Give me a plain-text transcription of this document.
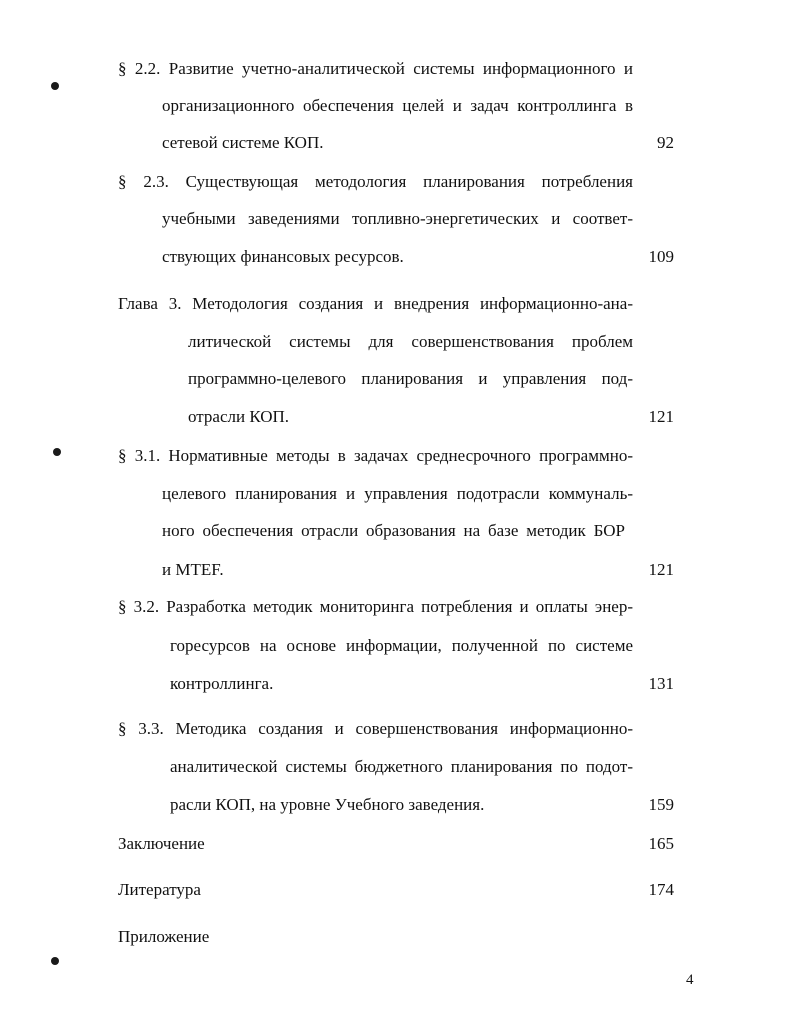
§ 2.2. Развитие учетно-аналитической системы информационного и
организационного обеспечения целей и задач контроллинга в
сетевой системе КОП.	92
§ 2.3. Существующая методология планирования потребления
учебными заведениями топливно-энергетических и соответ-
ствующих финансовых ресурсов.	109
Глава 3. Методология создания и внедрения информационно-ана-
литической системы для совершенствования проблем
программно-целевого планирования и управления под-
отрасли КОП.	121
§ 3.1. Нормативные методы в задачах среднесрочного программно-
целевого планирования и управления подотрасли коммуналь-
ного обеспечения отрасли образования на базе методик БОР
и MTEF.	121
§ 3.2. Разработка методик мониторинга потребления и оплаты энер-
горесурсов на основе информации, полученной по системе
контроллинга.	131
§ 3.3. Методика создания и совершенствования информационно-
аналитической системы бюджетного планирования по подот-
расли КОП, на уровне Учебного заведения.	159
Заключение	165
Литература	174
Приложение
4
